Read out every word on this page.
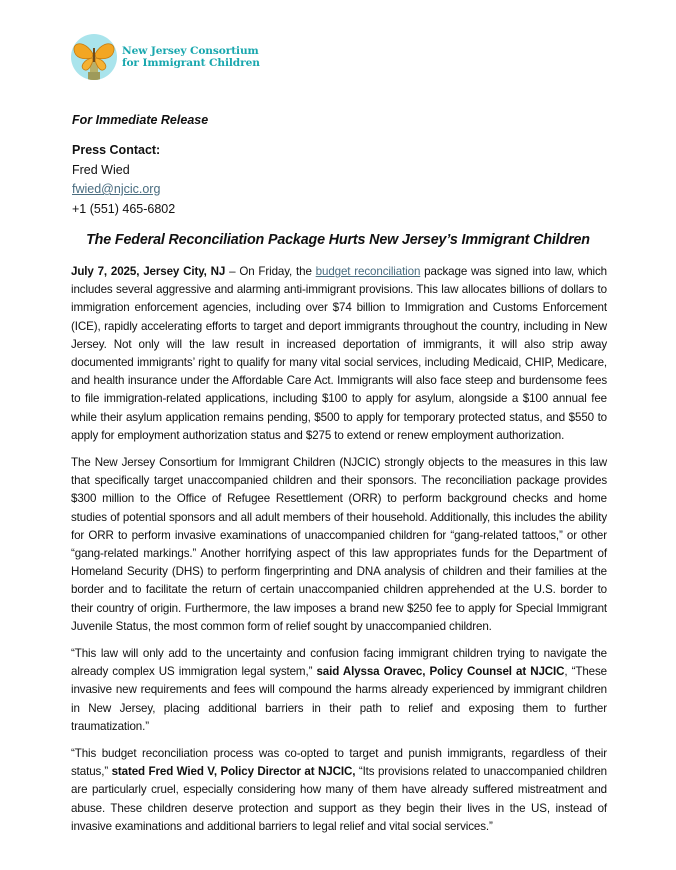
New Jersey Consortium
for Immigrant Children
For Immediate Release
Press Contact:
Fred Wied
fwied@njcic.org
+1 (551) 465-6802
The Federal Reconciliation Package Hurts New Jersey’s Immigrant Children

July 7, 2025, Jersey City, NJ – On Friday, the budget reconciliation package was signed into law, which includes several aggressive and alarming anti-immigrant provisions. This law allocates billions of dollars to immigration enforcement agencies, including over $74 billion to Immigration and Customs Enforcement (ICE), rapidly accelerating efforts to target and deport immigrants throughout the country, including in New Jersey. Not only will the law result in increased deportation of immigrants, it will also strip away documented immigrants’ right to qualify for many vital social services, including Medicaid, CHIP, Medicare, and health insurance under the Affordable Care Act. Immigrants will also face steep and burdensome fees to file immigration-related applications, including $100 to apply for asylum, alongside a $100 annual fee while their asylum application remains pending, $500 to apply for temporary protected status, and $550 to apply for employment authorization status and $275 to extend or renew employment authorization.

The New Jersey Consortium for Immigrant Children (NJCIC) strongly objects to the measures in this law that specifically target unaccompanied children and their sponsors. The reconciliation package provides $300 million to the Office of Refugee Resettlement (ORR) to perform background checks and home studies of potential sponsors and all adult members of their household. Additionally, this includes the ability for ORR to perform invasive examinations of unaccompanied children for “gang-related tattoos,” or other “gang-related markings.” Another horrifying aspect of this law appropriates funds for the Department of Homeland Security (DHS) to perform fingerprinting and DNA analysis of children and their families at the border and to facilitate the return of certain unaccompanied children apprehended at the U.S. border to their country of origin. Furthermore, the law imposes a brand new $250 fee to apply for Special Immigrant Juvenile Status, the most common form of relief sought by unaccompanied children.

“This law will only add to the uncertainty and confusion facing immigrant children trying to navigate the already complex US immigration legal system,” said Alyssa Oravec, Policy Counsel at NJCIC, “These invasive new requirements and fees will compound the harms already experienced by immigrant children in New Jersey, placing additional barriers in their path to relief and exposing them to further traumatization.”

“This budget reconciliation process was co-opted to target and punish immigrants, regardless of their status,” stated Fred Wied V, Policy Director at NJCIC, “Its provisions related to unaccompanied children are particularly cruel, especially considering how many of them have already suffered mistreatment and abuse. These children deserve protection and support as they begin their lives in the US, instead of invasive examinations and additional barriers to legal relief and vital social services.”
